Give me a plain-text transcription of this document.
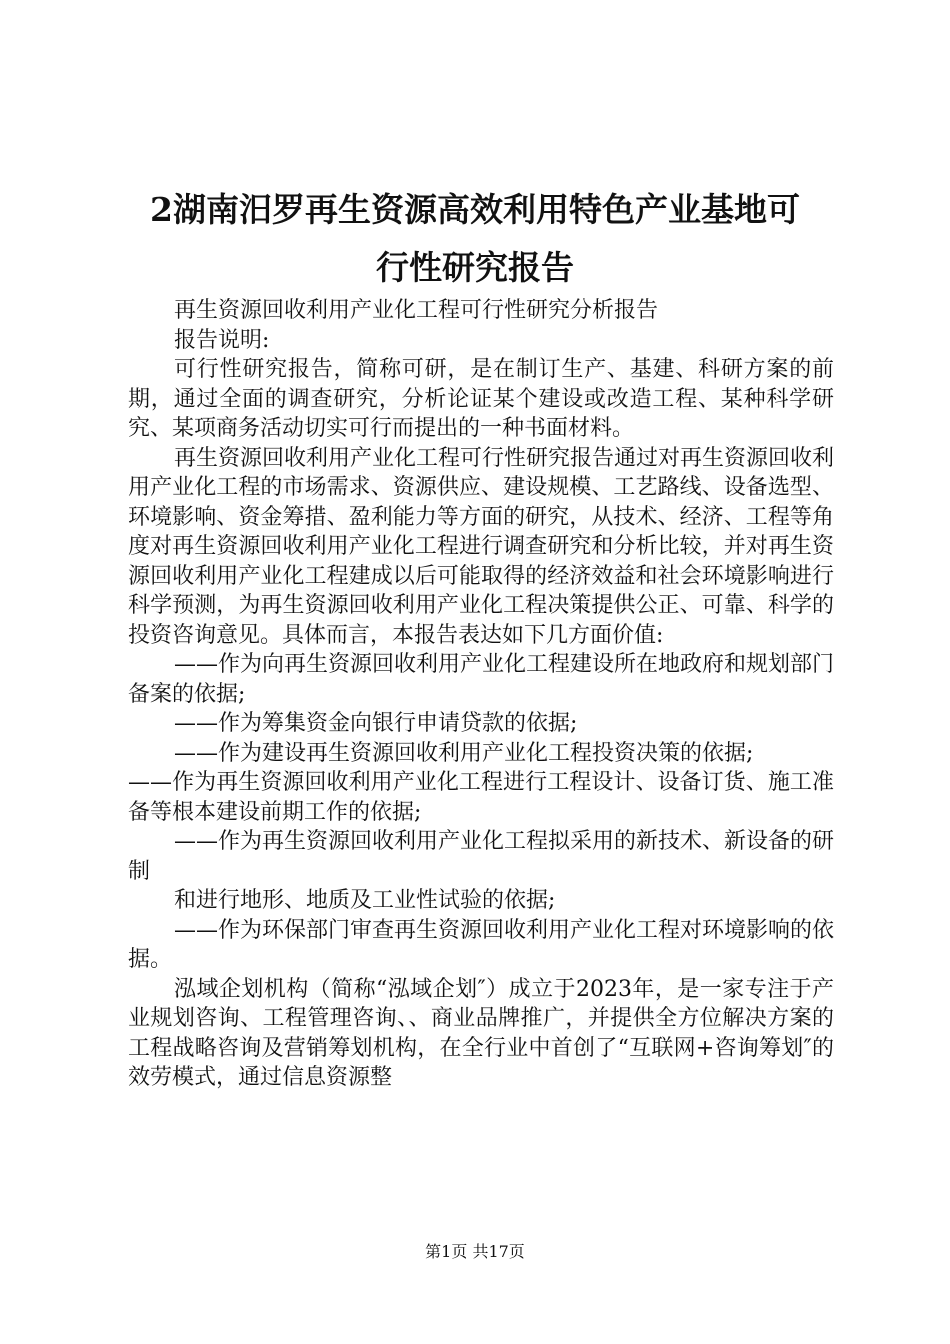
2湖南汨罗再生资源高效利用特色产业基地可
行性研究报告

再生资源回收利用产业化工程可行性研究分析报告

报告说明:

可行性研究报告，简称可研，是在制订生产、基建、科研方案的前期，通过全面的调查研究，分析论证某个建设或改造工程、某种科学研究、某项商务活动切实可行而提出的一种书面材料。

再生资源回收利用产业化工程可行性研究报告通过对再生资源回收利用产业化工程的市场需求、资源供应、建设规模、工艺路线、设备选型、环境影响、资金筹措、盈利能力等方面的研究，从技术、经济、工程等角度对再生资源回收利用产业化工程进行调查研究和分析比较，并对再生资源回收利用产业化工程建成以后可能取得的经济效益和社会环境影响进行科学预测，为再生资源回收利用产业化工程决策提供公正、可靠、科学的投资咨询意见。具体而言，本报告表达如下几方面价值:

——作为向再生资源回收利用产业化工程建设所在地政府和规划部门备案的依据;

——作为筹集资金向银行申请贷款的依据;

——作为建设再生资源回收利用产业化工程投资决策的依据;

——作为再生资源回收利用产业化工程进行工程设计、设备订货、施工准备等根本建设前期工作的依据;

——作为再生资源回收利用产业化工程拟采用的新技术、新设备的研制

和进行地形、地质及工业性试验的依据;

——作为环保部门审查再生资源回收利用产业化工程对环境影响的依据。

泓域企划机构（简称“泓域企划″）成立于2023年，是一家专注于产业规划咨询、工程管理咨询、、商业品牌推广，并提供全方位解决方案的工程战略咨询及营销筹划机构，在全行业中首创了“互联网+咨询筹划″的效劳模式，通过信息资源整

第1页 共17页
